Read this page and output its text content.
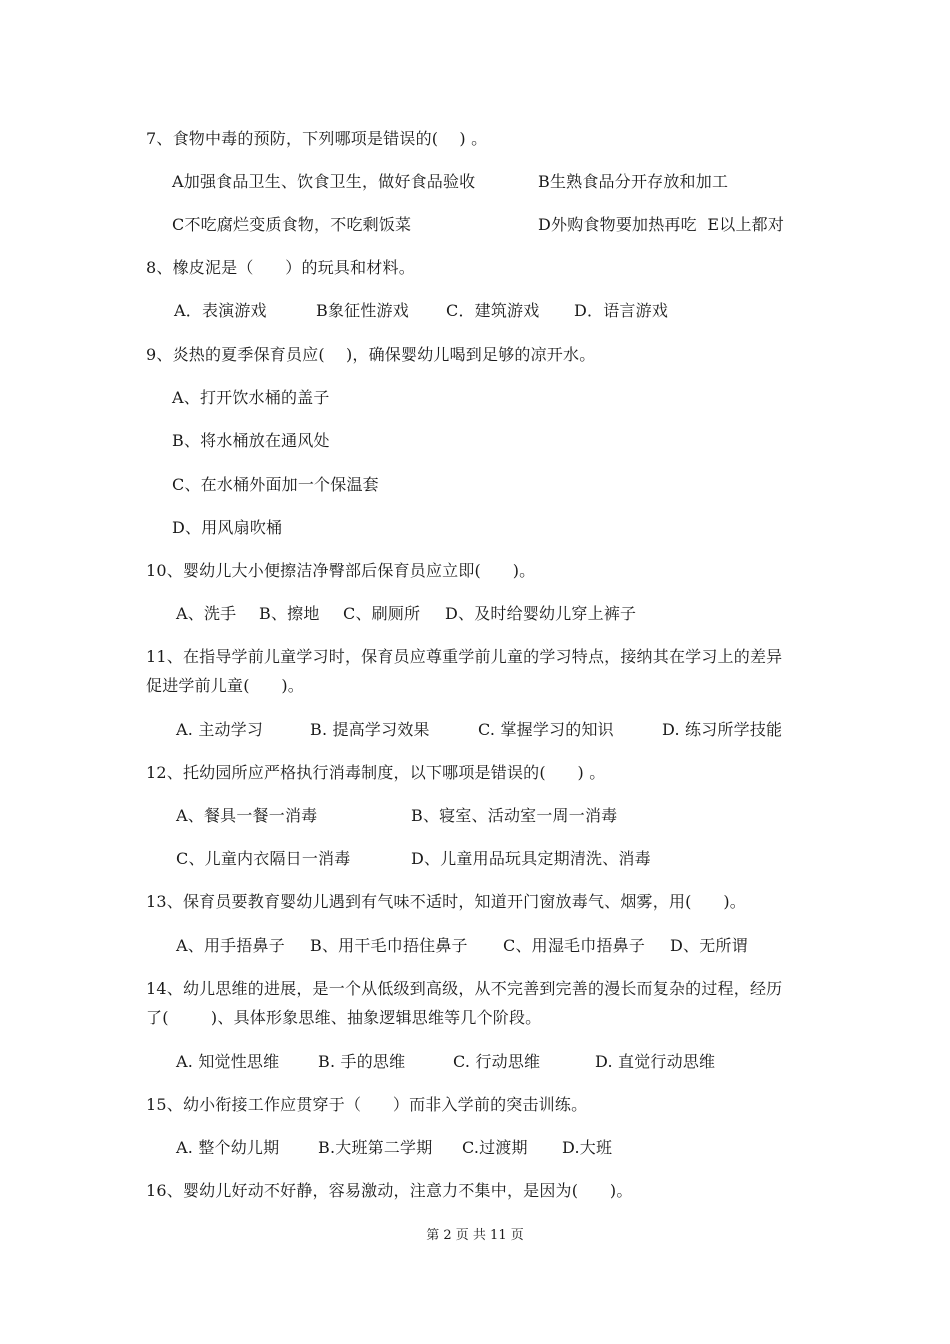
7、食物中毒的预防，下列哪项是错误的(    ) 。
A加强食品卫生、饮食卫生，做好食品验收	B生熟食品分开存放和加工
C不吃腐烂变质食物，不吃剩饭菜	D外购食物要加热再吃  E以上都对
8、橡皮泥是（      ）的玩具和材料。
A．表演游戏	B象征性游戏 C．建筑游戏 D．语言游戏
9、炎热的夏季保育员应(    )，确保婴幼儿喝到足够的凉开水。
A、打开饮水桶的盖子
B、将水桶放在通风处
C、在水桶外面加一个保温套
D、用风扇吹桶
10、婴幼儿大小便擦洁净臀部后保育员应立即(      )。
A、洗手 B、擦地 C、刷厕所 D、及时给婴幼儿穿上裤子
11、在指导学前儿童学习时，保育员应尊重学前儿童的学习特点，接纳其在学习上的差异
促进学前儿童(      )。
A. 主动学习	B. 提高学习效果	C. 掌握学习的知识	D. 练习所学技能
12、托幼园所应严格执行消毒制度，以下哪项是错误的(      ) 。
A、餐具一餐一消毒	B、寝室、活动室一周一消毒
C、儿童内衣隔日一消毒	D、儿童用品玩具定期清洗、消毒
13、保育员要教育婴幼儿遇到有气味不适时，知道开门窗放毒气、烟雾，用(      )。
A、用手捂鼻子 B、用干毛巾捂住鼻子 C、用湿毛巾捂鼻子 D、无所谓
14、幼儿思维的进展，是一个从低级到高级，从不完善到完善的漫长而复杂的过程，经历
了(        )、具体形象思维、抽象逻辑思维等几个阶段。
A. 知觉性思维 B. 手的思维	C. 行动思维	D. 直觉行动思维
15、幼小衔接工作应贯穿于（      ）而非入学前的突击训练。
A. 整个幼儿期 B.大班第二学期 C.过渡期 D.大班
16、婴幼儿好动不好静，容易激动，注意力不集中，是因为(      )。
第 2 页 共 11 页
